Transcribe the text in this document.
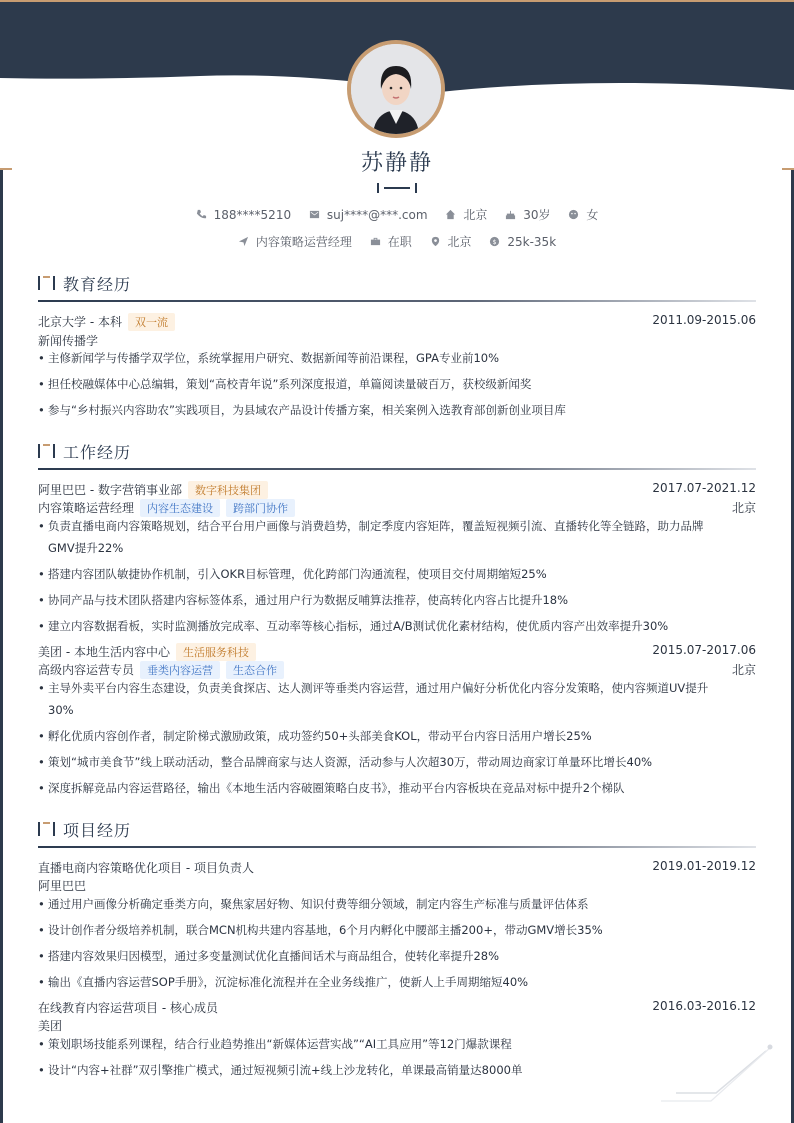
苏静静
188****5210
	suj****@***.com
	北京
	30岁
	女
内容策略运营经理
	在职
	北京
	$ 25k-35k
教育经历
北京大学 - 本科 双一流	2011.09-2015.06
新闻传播学
• 主修新闻学与传播学双学位，系统掌握用户研究、数据新闻等前沿课程，GPA专业前10%
• 担任校融媒体中心总编辑，策划“高校青年说”系列深度报道，单篇阅读量破百万，获校级新闻奖
• 参与“乡村振兴内容助农”实践项目，为县域农产品设计传播方案，相关案例入选教育部创新创业项目库
工作经历
阿里巴巴 - 数字营销事业部 数字科技集团	2017.07-2021.12
内容策略运营经理 内容生态建设 跨部门协作	北京
• 负责直播电商内容策略规划，结合平台用户画像与消费趋势，制定季度内容矩阵，覆盖短视频引流、直播转化等全链路，助力品牌
GMV提升22%
• 搭建内容团队敏捷协作机制，引入OKR目标管理，优化跨部门沟通流程，使项目交付周期缩短25%
• 协同产品与技术团队搭建内容标签体系，通过用户行为数据反哺算法推荐，使高转化内容占比提升18%
• 建立内容数据看板，实时监测播放完成率、互动率等核心指标，通过A/B测试优化素材结构，使优质内容产出效率提升30%
美团 - 本地生活内容中心 生活服务科技	2015.07-2017.06
高级内容运营专员 垂类内容运营 生态合作	北京
• 主导外卖平台内容生态建设，负责美食探店、达人测评等垂类内容运营，通过用户偏好分析优化内容分发策略，使内容频道UV提升
30%
• 孵化优质内容创作者，制定阶梯式激励政策，成功签约50+头部美食KOL，带动平台内容日活用户增长25%
• 策划“城市美食节”线上联动活动，整合品牌商家与达人资源，活动参与人次超30万，带动周边商家订单量环比增长40%
• 深度拆解竞品内容运营路径，输出《本地生活内容破圈策略白皮书》，推动平台内容板块在竞品对标中提升2个梯队
项目经历
直播电商内容策略优化项目 - 项目负责人	2019.01-2019.12
阿里巴巴
• 通过用户画像分析确定垂类方向，聚焦家居好物、知识付费等细分领域，制定内容生产标准与质量评估体系
• 设计创作者分级培养机制，联合MCN机构共建内容基地，6个月内孵化中腰部主播200+，带动GMV增长35%
• 搭建内容效果归因模型，通过多变量测试优化直播间话术与商品组合，使转化率提升28%
• 输出《直播内容运营SOP手册》，沉淀标准化流程并在全业务线推广，使新人上手周期缩短40%
在线教育内容运营项目 - 核心成员	2016.03-2016.12
美团
• 策划职场技能系列课程，结合行业趋势推出“新媒体运营实战”“AI工具应用”等12门爆款课程
• 设计“内容+社群”双引擎推广模式，通过短视频引流+线上沙龙转化，单课最高销量达8000单
